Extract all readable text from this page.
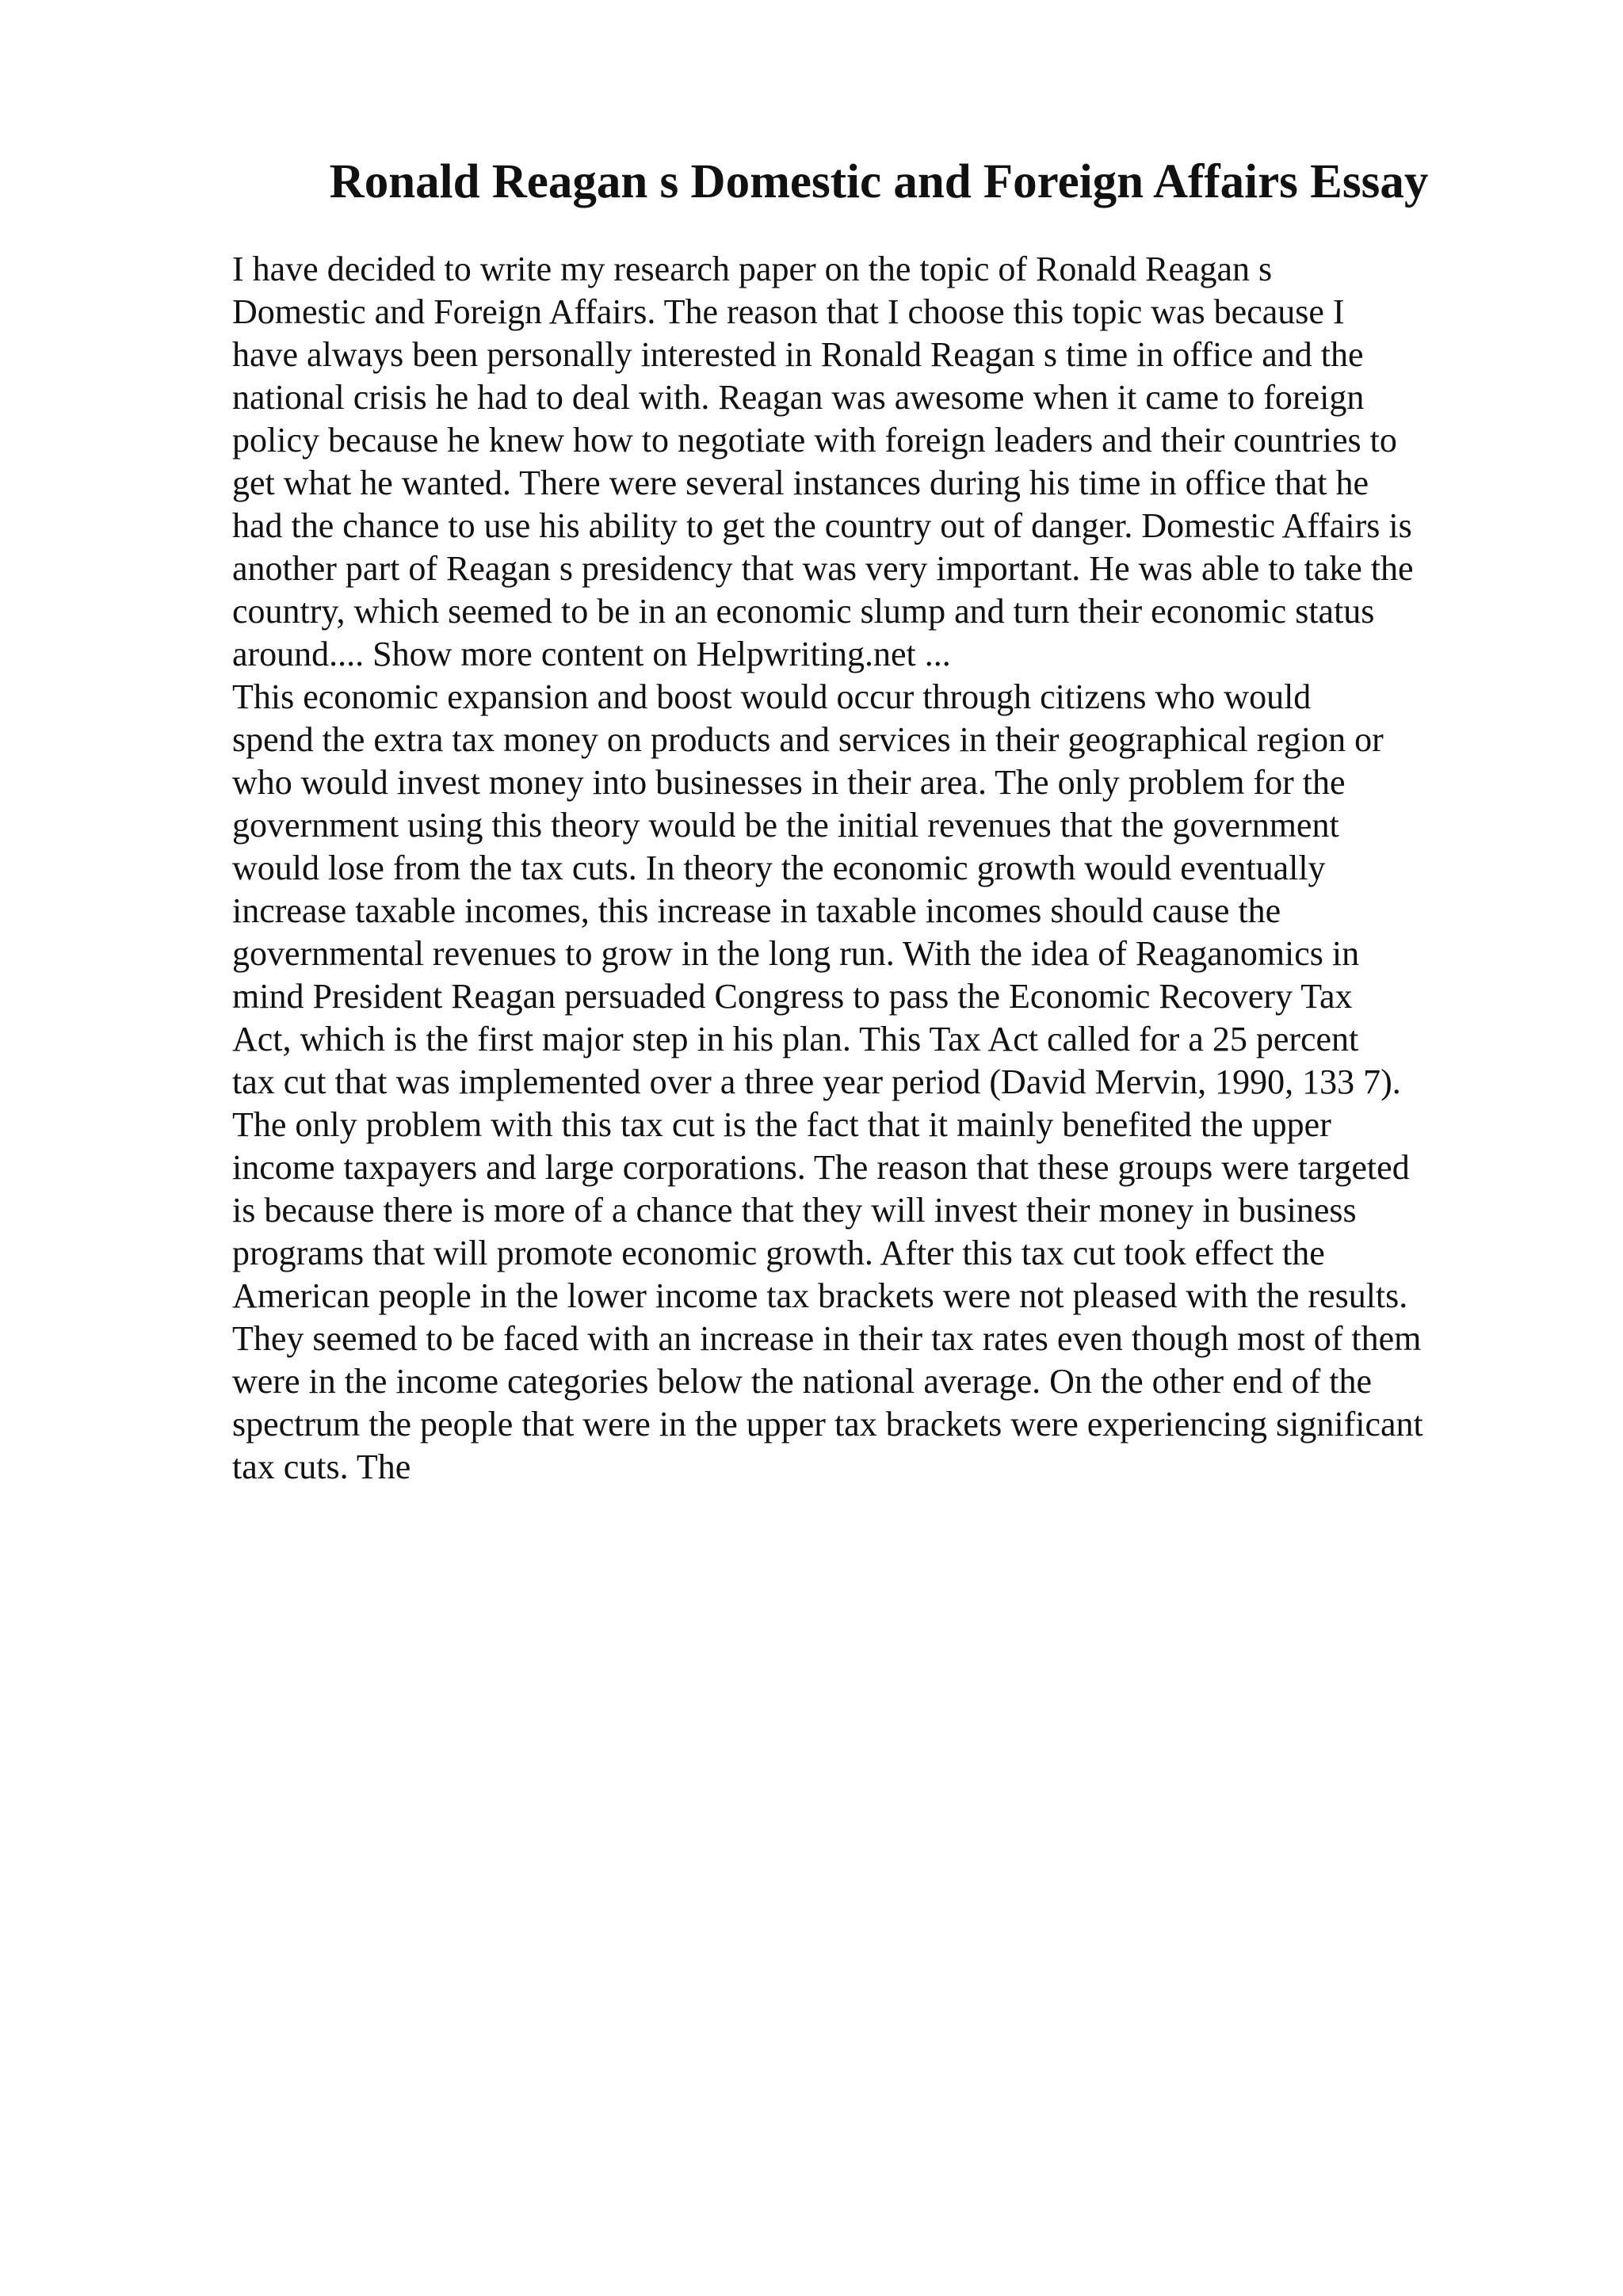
Ronald Reagan s Domestic and Foreign Affairs Essay
I have decided to write my research paper on the topic of Ronald Reagan s
Domestic and Foreign Affairs. The reason that I choose this topic was because I
have always been personally interested in Ronald Reagan s time in office and the
national crisis he had to deal with. Reagan was awesome when it came to foreign
policy because he knew how to negotiate with foreign leaders and their countries to
get what he wanted. There were several instances during his time in office that he
had the chance to use his ability to get the country out of danger. Domestic Affairs is
another part of Reagan s presidency that was very important. He was able to take the
country, which seemed to be in an economic slump and turn their economic status
around.... Show more content on Helpwriting.net ...
This economic expansion and boost would occur through citizens who would
spend the extra tax money on products and services in their geographical region or
who would invest money into businesses in their area. The only problem for the
government using this theory would be the initial revenues that the government
would lose from the tax cuts. In theory the economic growth would eventually
increase taxable incomes, this increase in taxable incomes should cause the
governmental revenues to grow in the long run. With the idea of Reaganomics in
mind President Reagan persuaded Congress to pass the Economic Recovery Tax
Act, which is the first major step in his plan. This Tax Act called for a 25 percent
tax cut that was implemented over a three year period (David Mervin, 1990, 133 7).
The only problem with this tax cut is the fact that it mainly benefited the upper
income taxpayers and large corporations. The reason that these groups were targeted
is because there is more of a chance that they will invest their money in business
programs that will promote economic growth. After this tax cut took effect the
American people in the lower income tax brackets were not pleased with the results.
They seemed to be faced with an increase in their tax rates even though most of them
were in the income categories below the national average. On the other end of the
spectrum the people that were in the upper tax brackets were experiencing significant
tax cuts. The
